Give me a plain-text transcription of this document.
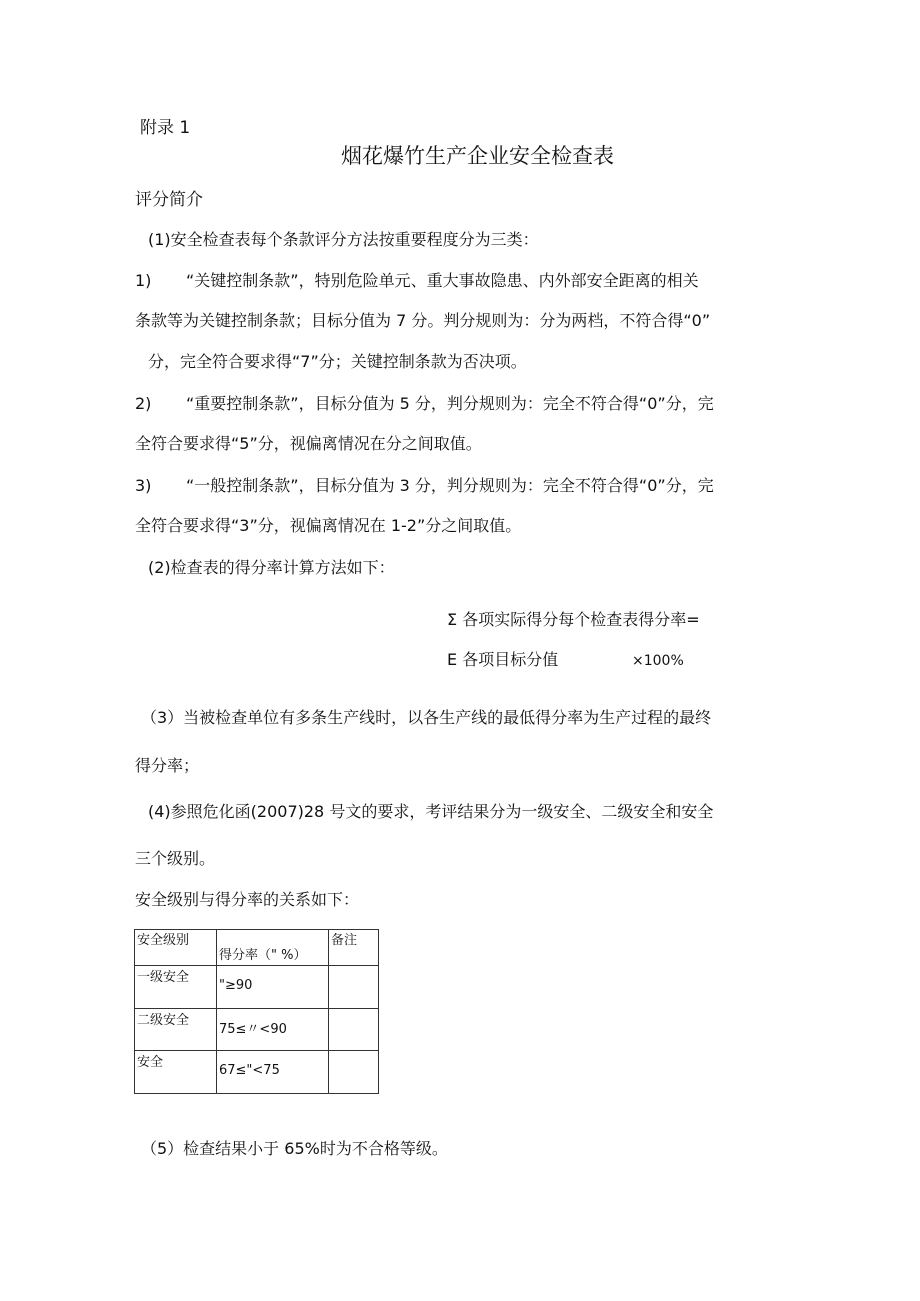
附录 1
烟花爆竹生产企业安全检查表
评分简介
(1)安全检查表每个条款评分方法按重要程度分为三类：
1) “关键控制条款”，特别危险单元、重大事故隐患、内外部安全距离的相关
条款等为关键控制条款；目标分值为 7 分。判分规则为：分为两档，不符合得“0”
分，完全符合要求得“7”分；关键控制条款为否决项。
2) “重要控制条款”，目标分值为 5 分，判分规则为：完全不符合得“0”分，完
全符合要求得“5”分，视偏离情况在分之间取值。
3) “一般控制条款”，目标分值为 3 分，判分规则为：完全不符合得“0”分，完
全符合要求得“3”分，视偏离情况在 1-2”分之间取值。
(2)检查表的得分率计算方法如下：
Σ 各项实际得分每个检查表得分率=
E 各项目标分值	×100%
（3）当被检查单位有多条生产线时，以各生产线的最低得分率为生产过程的最终
得分率；
(4)参照危化函(2007)28 号文的要求，考评结果分为一级安全、二级安全和安全
三个级别。
安全级别与得分率的关系如下：
安全级别	得分率（" %）	备注

一级安全	"≥90	

二级安全	75≤〃<90	

安全	67≤"<75	

（5）检查结果小于 65%时为不合格等级。
